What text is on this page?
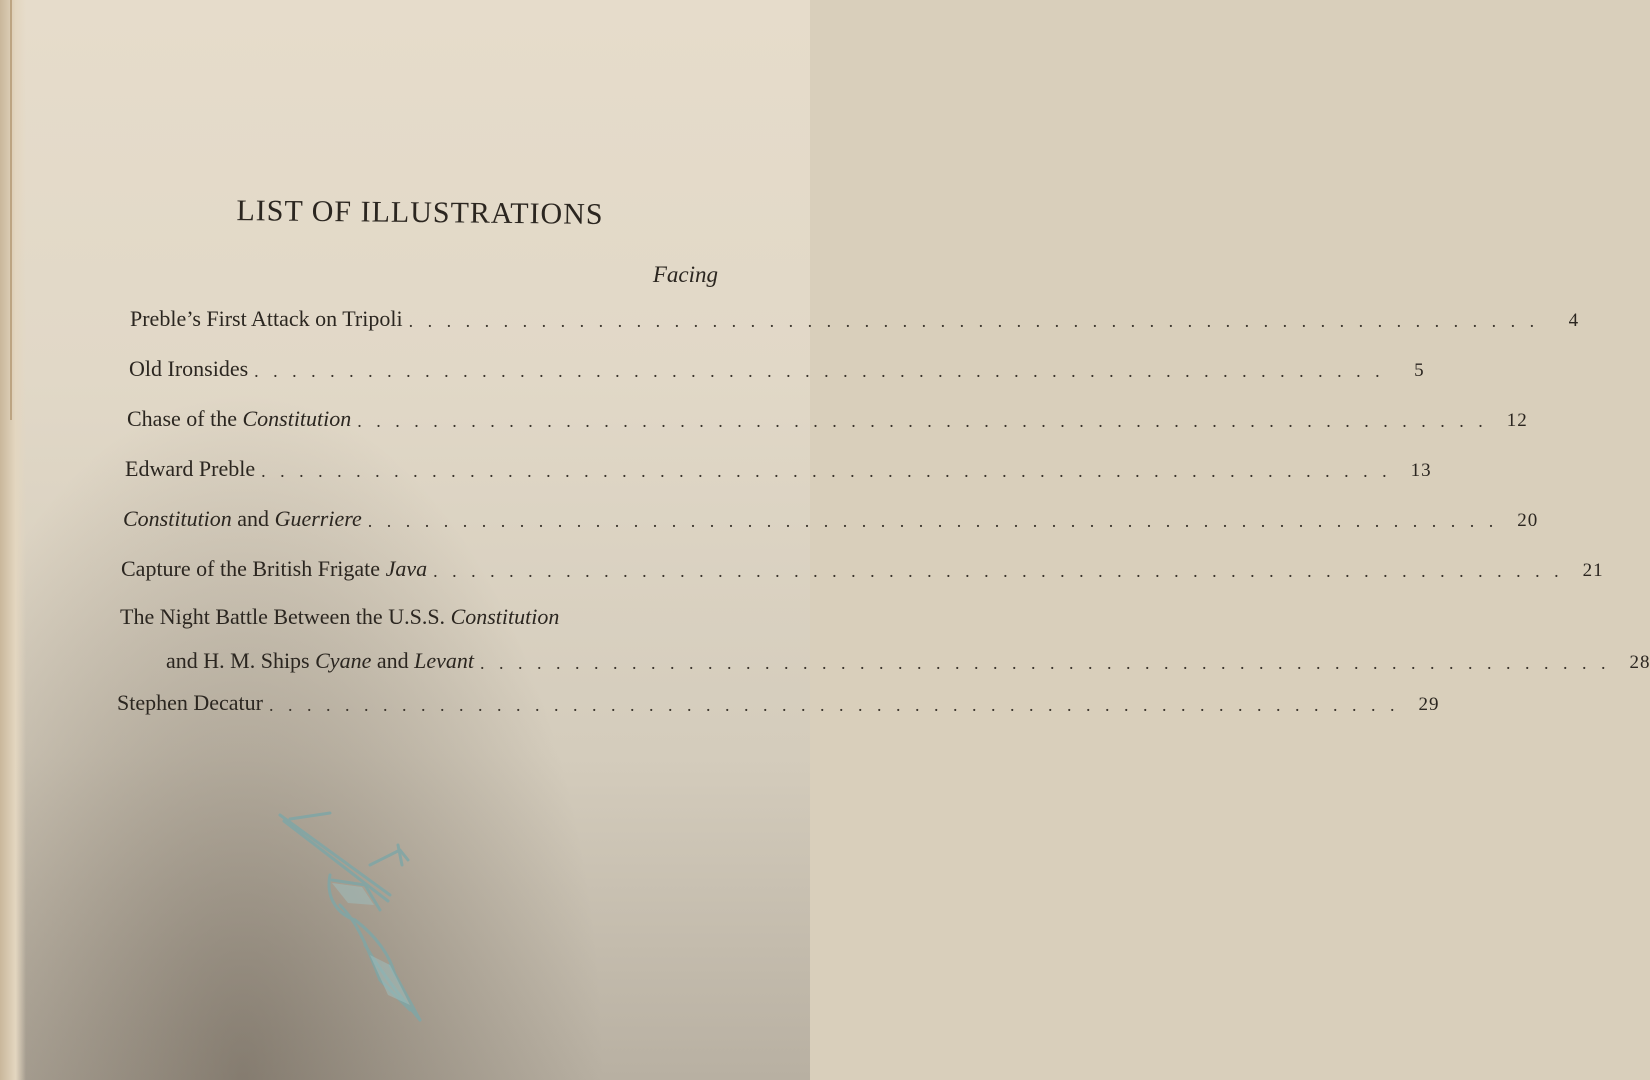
LIST OF ILLUSTRATIONS
Facing
Preble’s First Attack on Tripoli . . . . . . . . . . . . . . . . . . . . . . . . . . . . . . . . . . . . . . . . . . . . . . . . . . . . . . . . . . . .	4
Old Ironsides . . . . . . . . . . . . . . . . . . . . . . . . . . . . . . . . . . . . . . . . . . . . . . . . . . . . . . . . . . . .	5
Chase of the Constitution . . . . . . . . . . . . . . . . . . . . . . . . . . . . . . . . . . . . . . . . . . . . . . . . . . . . . . . . . . . .	12
Edward Preble . . . . . . . . . . . . . . . . . . . . . . . . . . . . . . . . . . . . . . . . . . . . . . . . . . . . . . . . . . . .	13
Constitution and Guerriere . . . . . . . . . . . . . . . . . . . . . . . . . . . . . . . . . . . . . . . . . . . . . . . . . . . . . . . . . . . .	20
Capture of the British Frigate Java . . . . . . . . . . . . . . . . . . . . . . . . . . . . . . . . . . . . . . . . . . . . . . . . . . . . . . . . . . . .	21
The Night Battle Between the U.S.S. Constitution
and H. M. Ships Cyane and Levant . . . . . . . . . . . . . . . . . . . . . . . . . . . . . . . . . . . . . . . . . . . . . . . . . . . . . . . . . . . .	28
Stephen Decatur . . . . . . . . . . . . . . . . . . . . . . . . . . . . . . . . . . . . . . . . . . . . . . . . . . . . . . . . . . . .	29
